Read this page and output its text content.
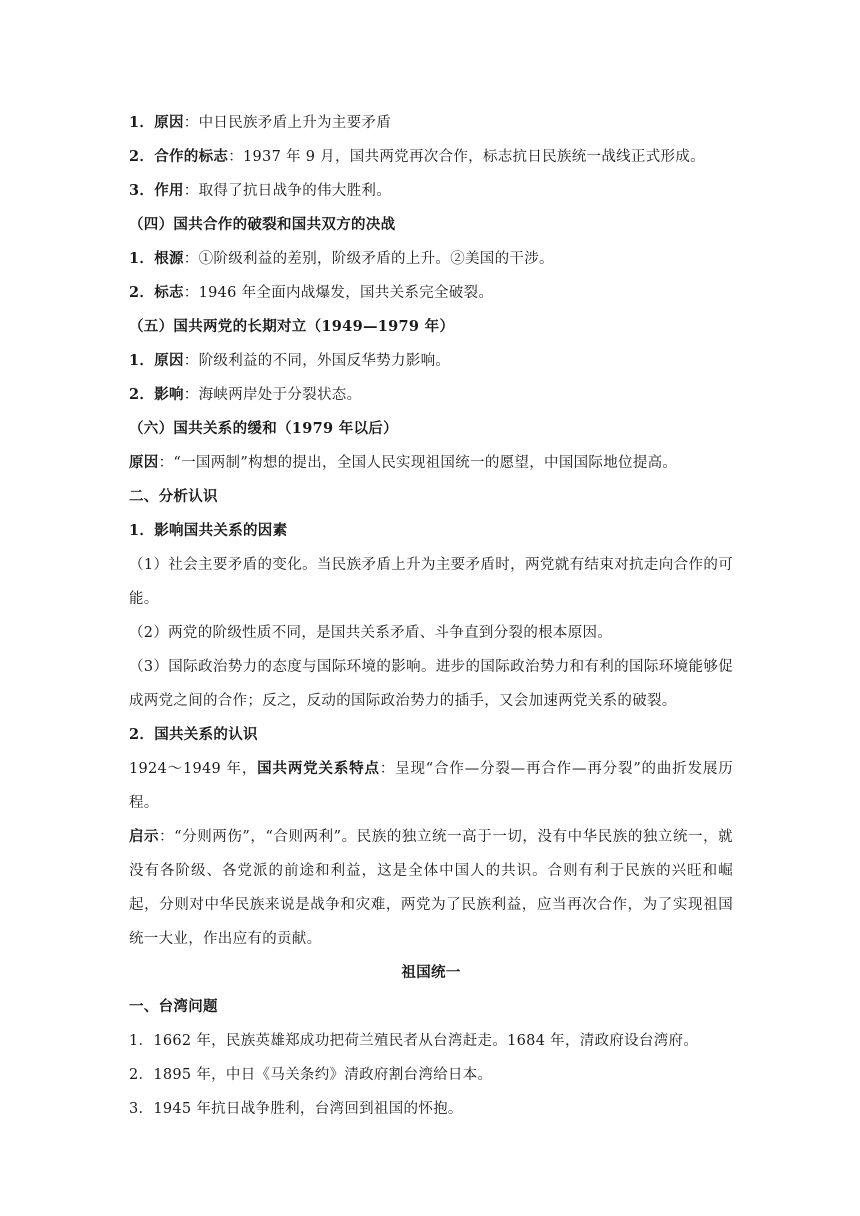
1．原因：中日民族矛盾上升为主要矛盾
2．合作的标志：1937 年 9 月，国共两党再次合作，标志抗日民族统一战线正式形成。
3．作用：取得了抗日战争的伟大胜利。
（四）国共合作的破裂和国共双方的决战
1．根源：①阶级利益的差别，阶级矛盾的上升。②美国的干涉。
2．标志：1946 年全面内战爆发，国共关系完全破裂。
（五）国共两党的长期对立（1949—1979 年）
1．原因：阶级利益的不同，外国反华势力影响。
2．影响：海峡两岸处于分裂状态。
（六）国共关系的缓和（1979 年以后）
原因：“一国两制”构想的提出，全国人民实现祖国统一的愿望，中国国际地位提高。
二、分析认识
1．影响国共关系的因素
（1）社会主要矛盾的变化。当民族矛盾上升为主要矛盾时，两党就有结束对抗走向合作的可能。
（2）两党的阶级性质不同，是国共关系矛盾、斗争直到分裂的根本原因。
（3）国际政治势力的态度与国际环境的影响。进步的国际政治势力和有利的国际环境能够促成两党之间的合作；反之，反动的国际政治势力的插手，又会加速两党关系的破裂。
2．国共关系的认识
1924～1949 年，国共两党关系特点：呈现“合作—分裂—再合作—再分裂”的曲折发展历程。
启示：“分则两伤”，“合则两利”。民族的独立统一高于一切，没有中华民族的独立统一，就没有各阶级、各党派的前途和利益，这是全体中国人的共识。合则有利于民族的兴旺和崛起，分则对中华民族来说是战争和灾难，两党为了民族利益，应当再次合作，为了实现祖国统一大业，作出应有的贡献。
祖国统一
一、台湾问题
1．1662 年，民族英雄郑成功把荷兰殖民者从台湾赶走。1684 年，清政府设台湾府。
2．1895 年，中日《马关条约》清政府割台湾给日本。
3．1945 年抗日战争胜利，台湾回到祖国的怀抱。
